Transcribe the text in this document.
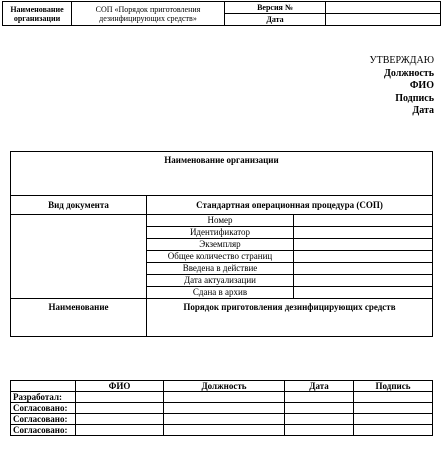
Наименование организации	СОП «Порядок приготовления дезинфицирующих средств»	Версия №	
		Дата	
УТВЕРЖДАЮ
Должность
ФИО
Подпись
Дата
Наименование организации		
Вид документа	Стандартная операционная процедура (СОП)	
	Номер	
	Идентификатор	
	Экземпляр	
	Общее количество страниц	
	Введена в действие	
	Дата актуализации	
	Сдана в архив	
Наименование	Порядок приготовления дезинфицирующих средств	
	ФИО	Должность	Дата	Подпись
Разработал:				
Согласовано:				
Согласовано:				
Согласовано:				
